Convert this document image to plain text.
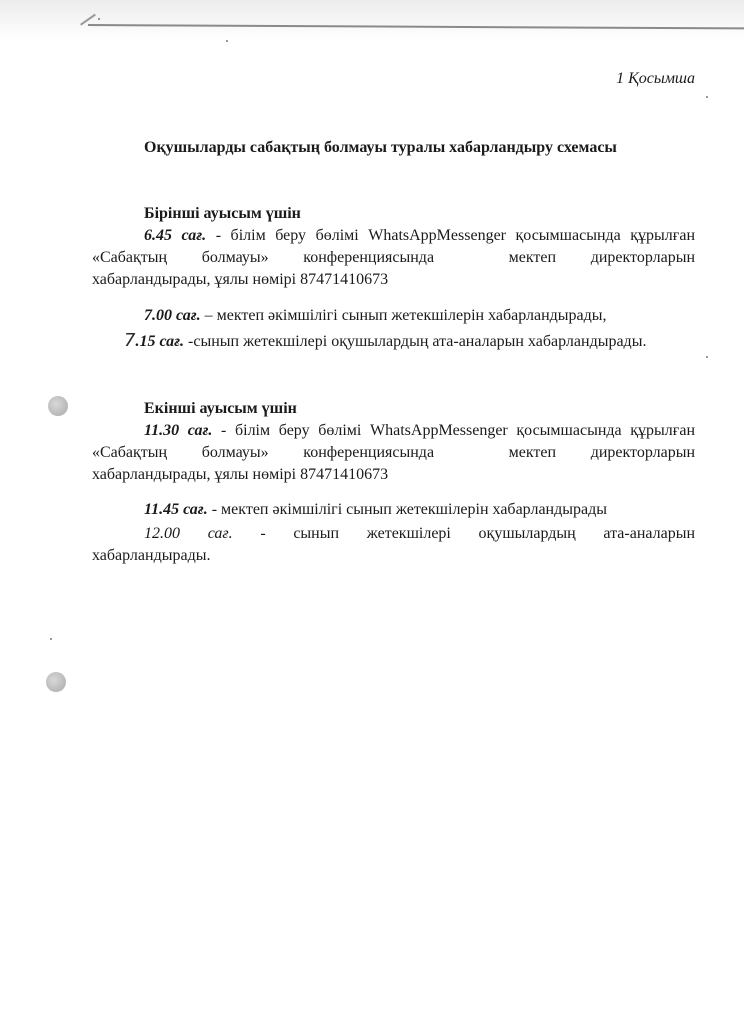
1 Қосымша
Оқушыларды сабақтың болмауы туралы хабарландыру схемасы
Бірінші ауысым үшін
6.45 сағ. - білім беру бөлімі WhatsAppMessenger қосымшасында құрылған
«Сабақтың болмауы» конференциясында	мектеп директорларын
хабарландырады, ұялы нөмірі 87471410673
7.00 сағ. – мектеп әкімшілігі сынып жетекшілерін хабарландырады,
7.15 сағ. -сынып жетекшілері оқушылардың ата-аналарын хабарландырады.
Екінші ауысым үшін
11.30 сағ. - білім беру бөлімі WhatsAppMessenger қосымшасында құрылған
«Сабақтың болмауы» конференциясында	мектеп директорларын
хабарландырады, ұялы нөмірі 87471410673
11.45 сағ. - мектеп әкімшілігі сынып жетекшілерін хабарландырады
12.00 сағ. - сынып жетекшілері оқушылардың ата-аналарын
хабарландырады.
